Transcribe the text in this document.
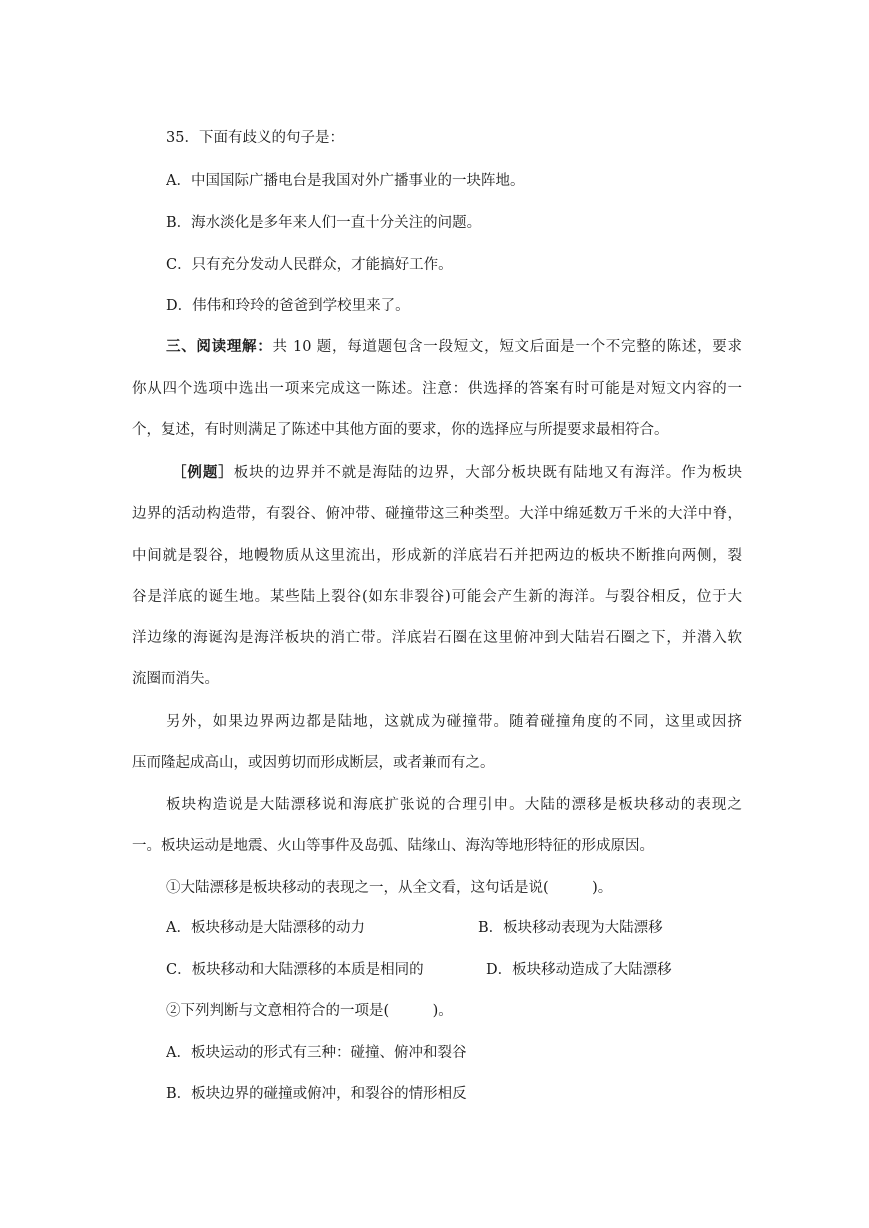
35．下面有歧义的句子是：
A．中国国际广播电台是我国对外广播事业的一块阵地。
B．海水淡化是多年来人们一直十分关注的问题。
C．只有充分发动人民群众，才能搞好工作。
D．伟伟和玲玲的爸爸到学校里来了。
三、阅读理解：共 10 题，每道题包含一段短文，短文后面是一个不完整的陈述，要求
你从四个选项中选出一项来完成这一陈述。注意：供选择的答案有时可能是对短文内容的一
个，复述，有时则满足了陈述中其他方面的要求，你的选择应与所提要求最相符合。
［例题］板块的边界并不就是海陆的边界，大部分板块既有陆地又有海洋。作为板块
边界的活动构造带，有裂谷、俯冲带、碰撞带这三种类型。大洋中绵延数万千米的大洋中脊，
中间就是裂谷，地幔物质从这里流出，形成新的洋底岩石并把两边的板块不断推向两侧，裂
谷是洋底的诞生地。某些陆上裂谷(如东非裂谷)可能会产生新的海洋。与裂谷相反，位于大
洋边缘的海诞沟是海洋板块的消亡带。洋底岩石圈在这里俯冲到大陆岩石圈之下，并潜入软
流圈而消失。
另外，如果边界两边都是陆地，这就成为碰撞带。随着碰撞角度的不同，这里或因挤
压而隆起成高山，或因剪切而形成断层，或者兼而有之。
板块构造说是大陆漂移说和海底扩张说的合理引申。大陆的漂移是板块移动的表现之
一。板块运动是地震、火山等事件及岛弧、陆缘山、海沟等地形特征的形成原因。
①大陆漂移是板块移动的表现之一，从全文看，这句话是说(　　　)。
A．板块移动是大陆漂移的动力	B．板块移动表现为大陆漂移
C．板块移动和大陆漂移的本质是相同的	D．板块移动造成了大陆漂移
②下列判断与文意相符合的一项是(　　　)。
A．板块运动的形式有三种：碰撞、俯冲和裂谷
B．板块边界的碰撞或俯冲，和裂谷的情形相反
